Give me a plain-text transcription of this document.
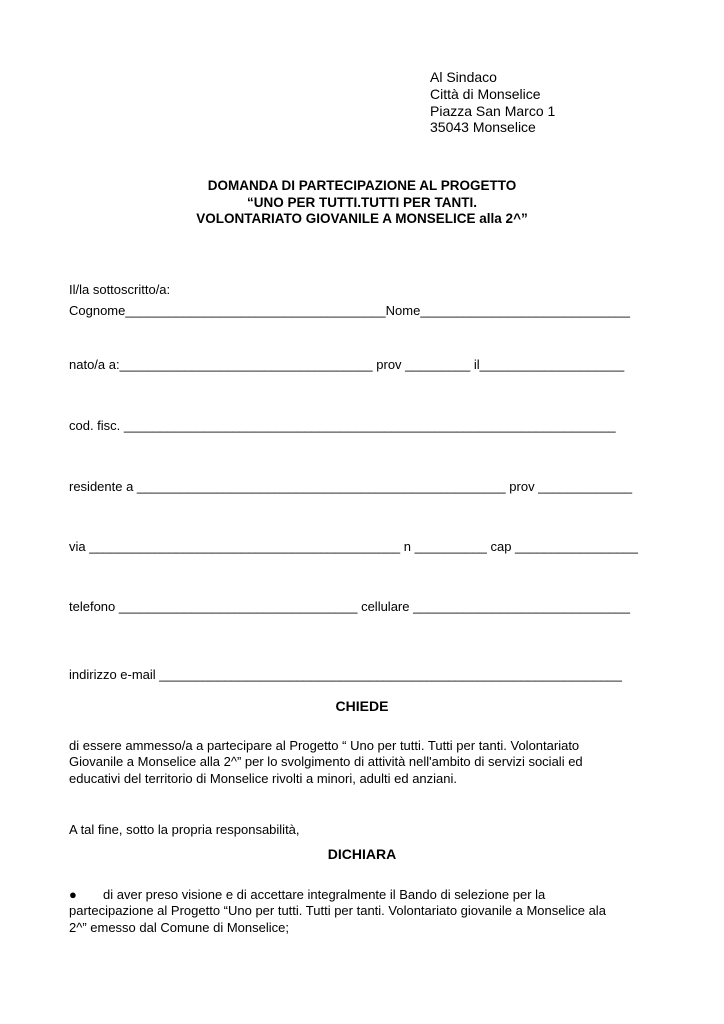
Al Sindaco
Città di Monselice
Piazza San Marco 1
35043 Monselice
DOMANDA DI PARTECIPAZIONE AL PROGETTO
“UNO PER TUTTI.TUTTI PER TANTI.
VOLONTARIATO GIOVANILE A MONSELICE alla 2^”
Il/la sottoscritto/a:
Cognome____________________________________Nome_____________________________
nato/a a:___________________________________ prov _________ il____________________
cod. fisc. ____________________________________________________________________
residente a ___________________________________________________ prov _____________
via ___________________________________________ n __________ cap _________________
telefono _________________________________ cellulare ______________________________
indirizzo e-mail ________________________________________________________________
CHIEDE
di essere ammesso/a a partecipare al Progetto “ Uno per tutti. Tutti per tanti. Volontariato
Giovanile a Monselice alla 2^” per lo svolgimento di attività nell'ambito di servizi sociali ed
educativi del territorio di Monselice rivolti a minori, adulti ed anziani.
A tal fine, sotto la propria responsabilità,
DICHIARA
● di aver preso visione e di accettare integralmente il Bando di selezione per la
partecipazione al Progetto “Uno per tutti. Tutti per tanti. Volontariato giovanile a Monselice ala
2^” emesso dal Comune di Monselice;
